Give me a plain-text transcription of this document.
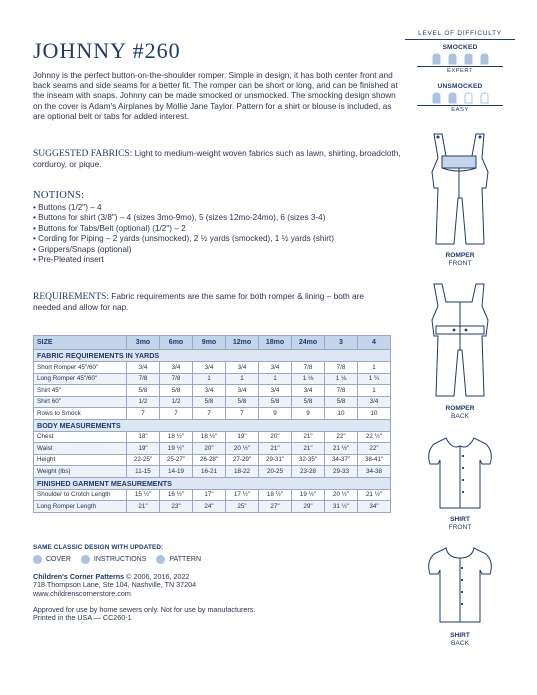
JOHNNY #260

Johnny is the perfect button-on-the-shoulder romper. Simple in design, it has both center front and back seams and side seams for a better fit. The romper can be short or long, and can be finished at the inseam with snaps. Johnny can be made smocked or unsmocked. The smocking design shown on the cover is Adam's Airplanes by Mollie Jane Taylor. Pattern for a shirt or blouse is included, as are optional belt or tabs for added interest.

SUGGESTED FABRICS: Light to medium-weight woven fabrics such as lawn, shirting, broadcloth, corduroy, or pique.

NOTIONS:
• Buttons (1/2") – 4
• Buttons for shirt (3/8") – 4 (sizes 3mo-9mo), 5 (sizes 12mo-24mo), 6 (sizes 3-4)
• Buttons for Tabs/Belt (optional) (1/2") – 2
• Cording for Piping – 2 yards (unsmocked), 2 ½ yards (smocked), 1 ½ yards (shirt)
• Grippers/Snaps (optional)
• Pre-Pleated insert

REQUIREMENTS: Fabric requirements are the same for both romper & lining – both are needed and allow for nap.

SIZE	3mo	6mo	9mo	12mo	18mo	24mo	3	4
FABRIC REQUIREMENTS IN YARDS								
Short Romper 45"/60"	3/4	3/4	3/4	3/4	3/4	7/8	7/8	1
Long Romper 45"/60"	7/8	7/8	1	1	1	1 ⅛	1 ⅛	1 ¼
Shirt 45"	5/8	5/8	3/4	3/4	3/4	3/4	7/8	1
Shirt 60"	1/2	1/2	5/8	5/8	5/8	5/8	5/8	3/4
Rows to Smock	7	7	7	7	9	9	10	10
BODY MEASUREMENTS								
Chest	18"	18 ½"	18 ½"	19"	20"	21"	22"	22 ½"
Waist	19"	19 ½"	20"	20 ½"	21"	21"	21 ½"	22"
Height	22-25"	25-27"	26-28"	27-29"	29-31"	32-35"	34-37"	38-41"
Weight (lbs)	11-15	14-19	16-21	18-22	20-25	23-28	29-33	34-38
FINISHED GARMENT MEASUREMENTS								
Shoulder to Crotch Length	15 ½"	16 ½"	17"	17 ½"	18 ½"	19 ½"	20 ½"	21 ½"
Long Romper Length	21"	23"	24"	25"	27"	29"	31 ½"	34"
SAME CLASSIC DESIGN WITH UPDATED:
COVER	INSTRUCTIONS	PATTERN
Children's Corner Patterns © 2006, 2016, 2022
718 Thompson Lane, Ste 104, Nashville, TN 37204
www.childrenscornerstore.com
Approved for use by home sewers only. Not for use by manufacturers.
Printed in the USA — CC260-1
LEVEL OF DIFFICULTY
SMOCKED
EXPERT
UNSMOCKED
EASY
ROMPER
FRONT
ROMPER
BACK
SHIRT
FRONT
SHIRT
BACK
